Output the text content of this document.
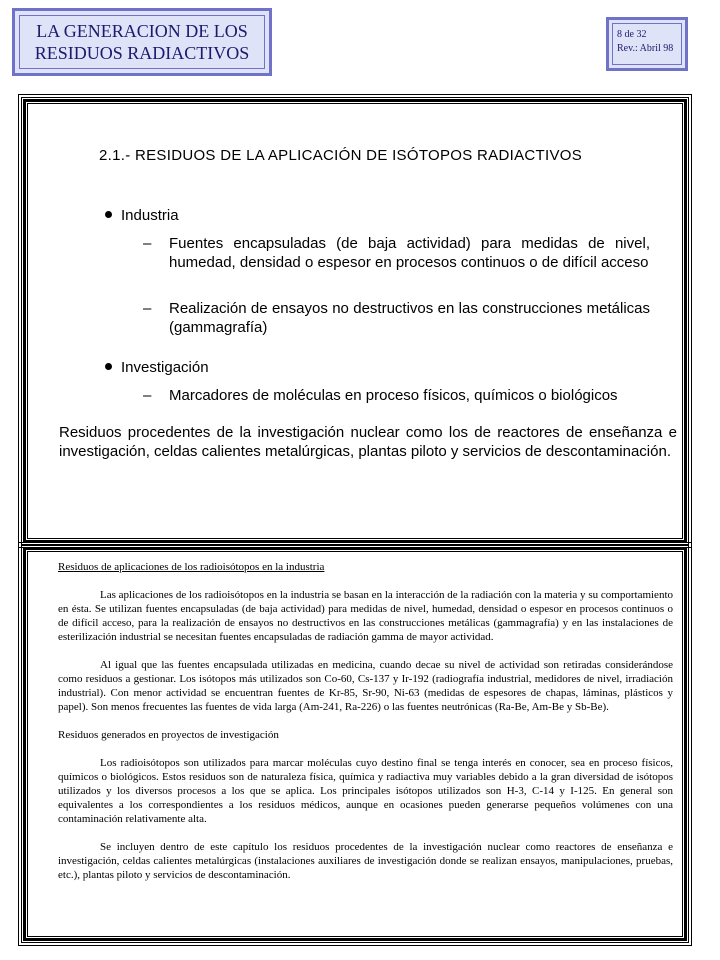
LA GENERACION DE LOS
RESIDUOS RADIACTIVOS
8 de 32
Rev.: Abril 98
2.1.- RESIDUOS DE LA APLICACIÓN DE ISÓTOPOS RADIACTIVOS
Industria
–	Fuentes encapsuladas (de baja actividad) para medidas de nivel, humedad, densidad o espesor en procesos continuos o de difícil acceso
–	Realización de ensayos no destructivos en las construcciones metálicas (gammagrafía)
Investigación
–	Marcadores de moléculas en proceso físicos, químicos o biológicos
Residuos procedentes de la investigación nuclear como los de reactores de enseñanza e investigación, celdas calientes metalúrgicas, plantas piloto y servicios de descontaminación.
Residuos de aplicaciones de los radioisótopos en la industria

Las aplicaciones de los radioisótopos en la industria se basan en la interacción de la radiación con la materia y su comportamiento en ésta. Se utilizan fuentes encapsuladas (de baja actividad) para medidas de nivel, humedad, densidad o espesor en procesos continuos o de difícil acceso, para la realización de ensayos no destructivos en las construcciones metálicas (gammagrafía) y en las instalaciones de esterilización industrial se necesitan fuentes encapsuladas de radiación gamma de mayor actividad.

Al igual que las fuentes encapsulada utilizadas en medicina, cuando decae su nivel de actividad son retiradas considerándose como residuos a gestionar. Los isótopos más utilizados son Co-60, Cs-137 y Ir-192 (radiografía industrial, medidores de nivel, irradiación industrial). Con menor actividad se encuentran fuentes de Kr-85, Sr-90, Ni-63 (medidas de espesores de chapas, láminas, plásticos y papel). Son menos frecuentes las fuentes de vida larga (Am-241, Ra-226) o las fuentes neutrónicas (Ra-Be, Am-Be y Sb-Be).

Residuos generados en proyectos de investigación

Los radioisótopos son utilizados para marcar moléculas cuyo destino final se tenga interés en conocer, sea en proceso físicos, químicos o biológicos. Estos residuos son de naturaleza física, química y radiactiva muy variables debido a la gran diversidad de isótopos utilizados y los diversos procesos a los que se aplica. Los principales isótopos utilizados son H-3, C-14 y I-125. En general son equivalentes a los correspondientes a los residuos médicos, aunque en ocasiones pueden generarse pequeños volúmenes con una contaminación relativamente alta.

Se incluyen dentro de este capítulo los residuos procedentes de la investigación nuclear como reactores de enseñanza e investigación, celdas calientes metalúrgicas (instalaciones auxiliares de investigación donde se realizan ensayos, manipulaciones, pruebas, etc.), plantas piloto y servicios de descontaminación.
